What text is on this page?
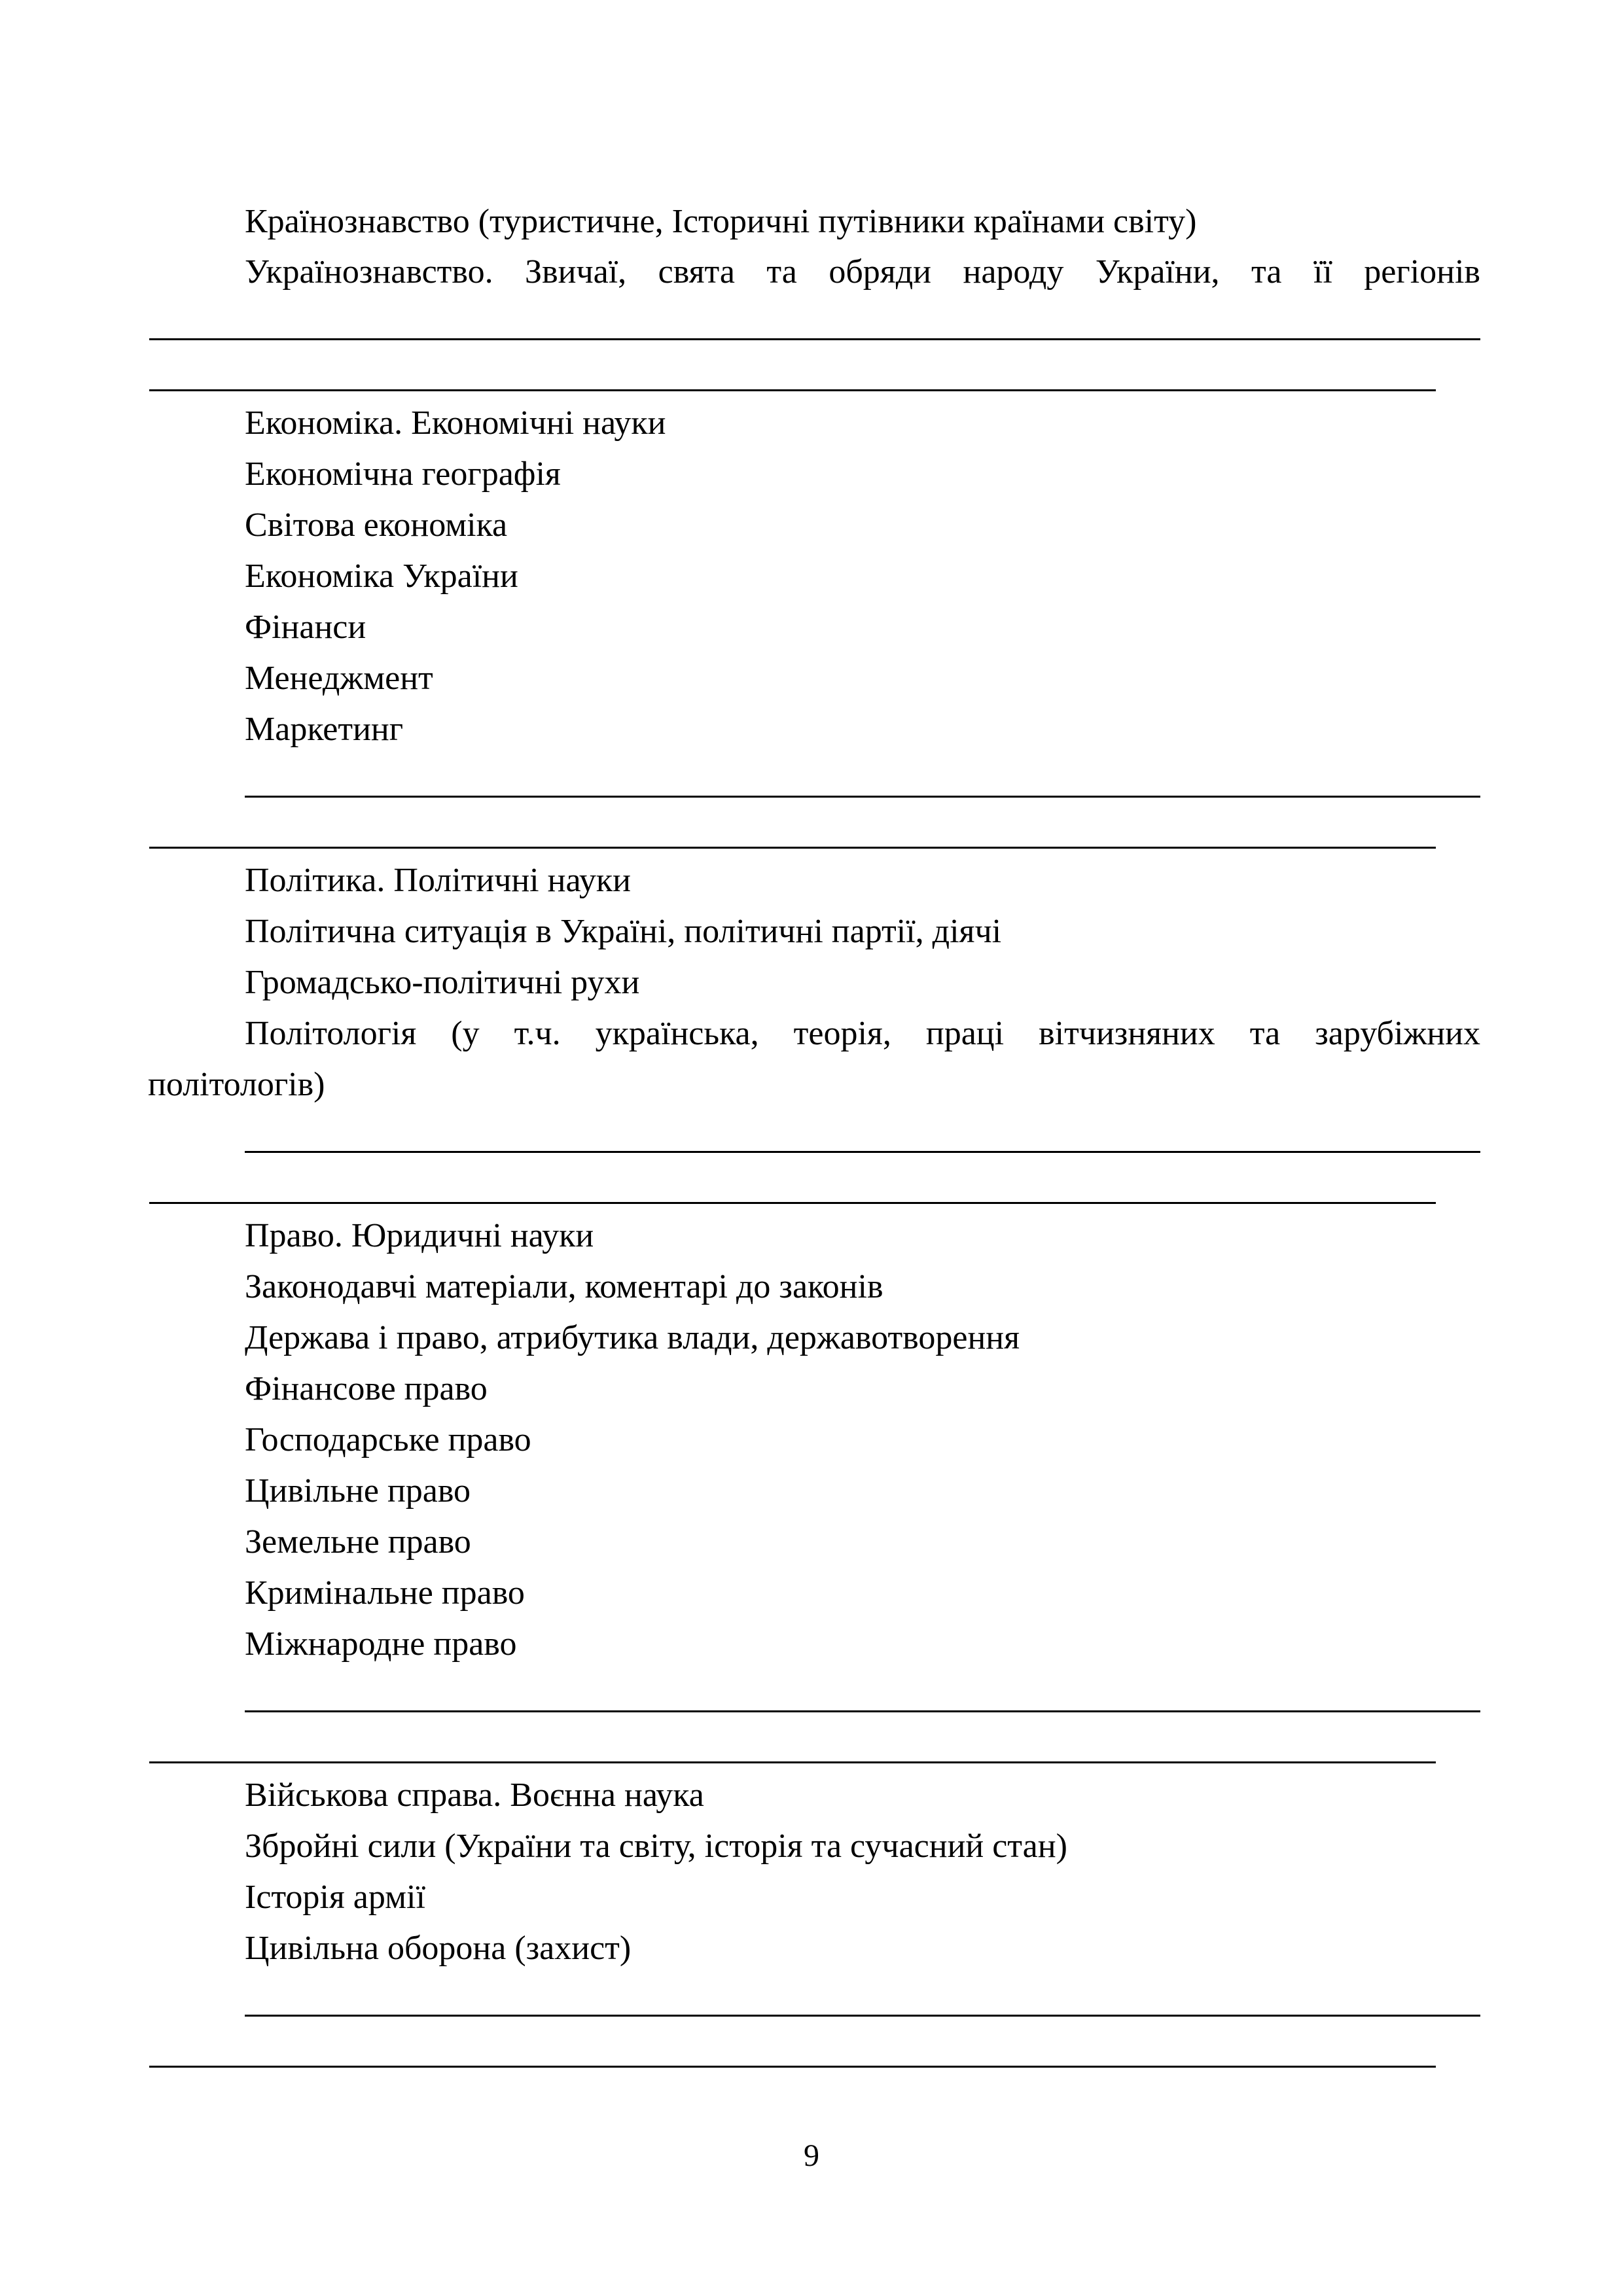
Країнознавство (туристичне, Історичні путівники країнами світу)
Українознавство. Звичаї, свята та обряди народу України, та її регіонів
Економіка. Економічні науки
Економічна географія
Світова економіка
Економіка України
Фінанси
Менеджмент
Маркетинг
Політика. Політичні науки
Політична ситуація в Україні, політичні партії, діячі
Громадсько-політичні рухи
Політологія (у т.ч. українська, теорія, праці вітчизняних та зарубіжних
політологів)
Право. Юридичні науки
Законодавчі матеріали, коментарі до законів
Держава і право, атрибутика влади, державотворення
Фінансове право
Господарське право
Цивільне право
Земельне право
Кримінальне право
Міжнародне право
Військова справа. Воєнна наука
Збройні сили (України та світу, історія та сучасний стан)
Історія армії
Цивільна оборона (захист)
9
